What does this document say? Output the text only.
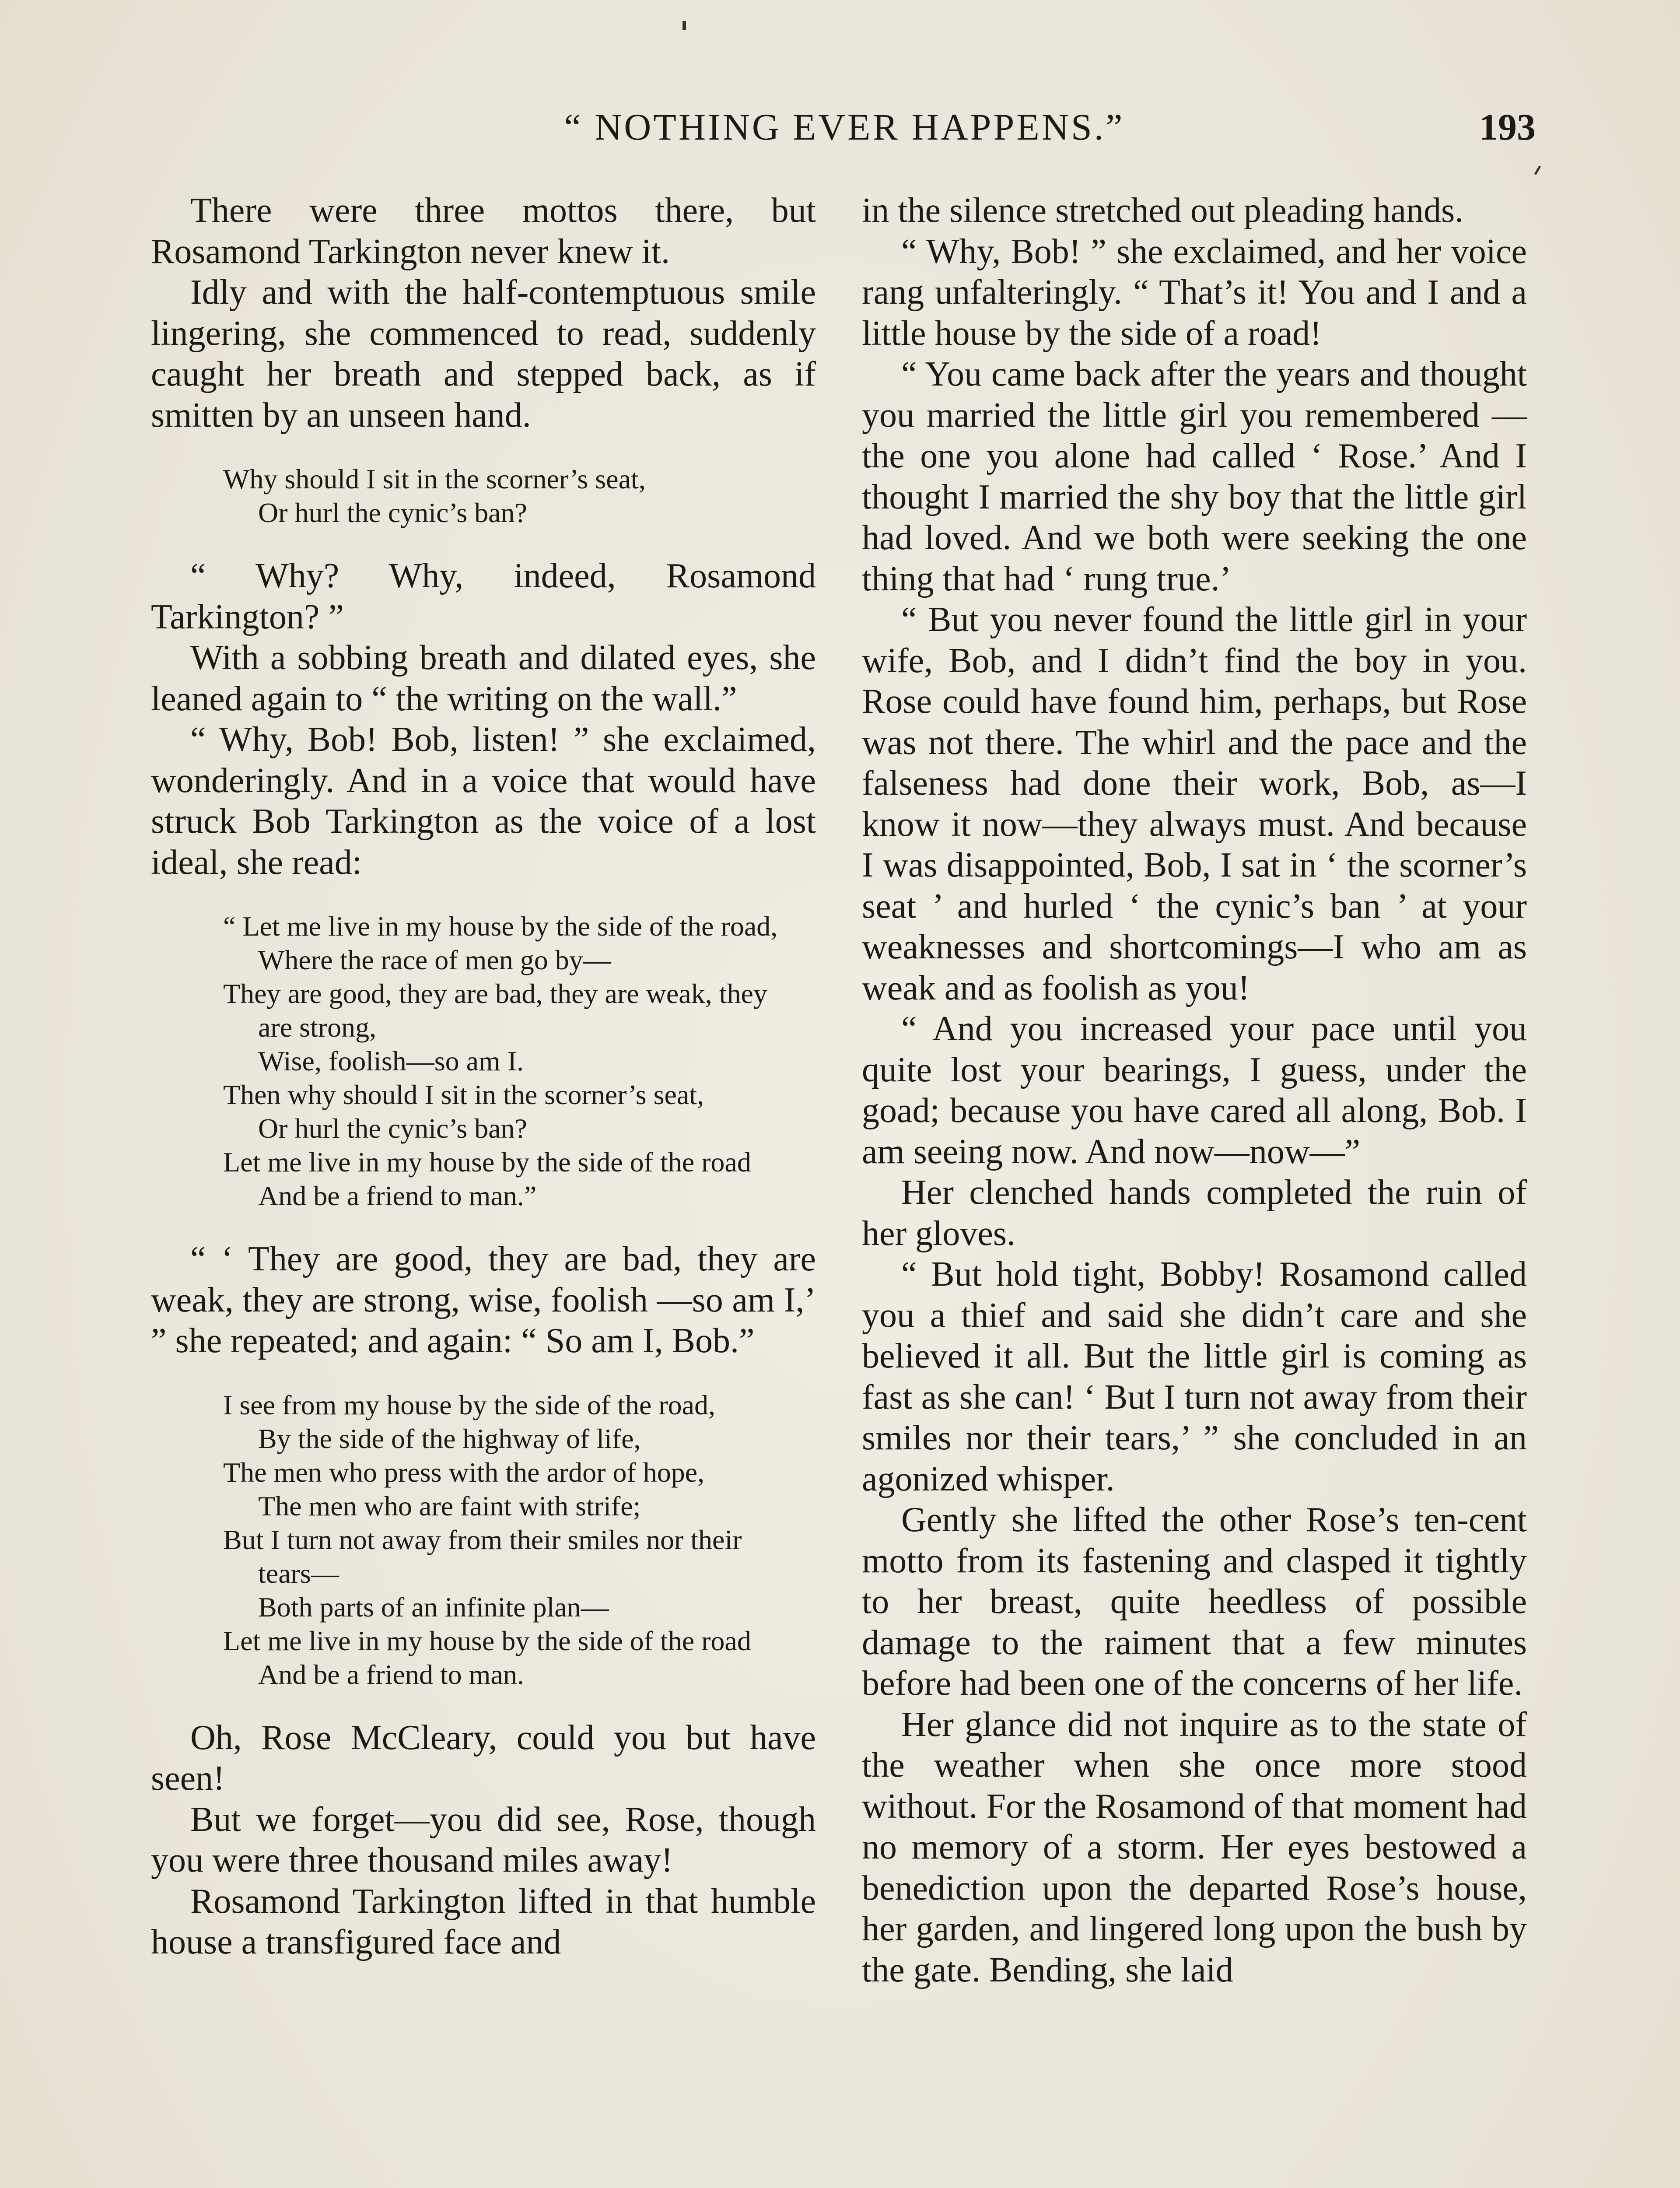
“ NOTHING EVER HAPPENS.”	193

There were three mottos there, but Rosamond Tarkington never knew it.

Idly and with the half-contemptuous smile lingering, she commenced to read, suddenly caught her breath and stepped back, as if smitten by an unseen hand.

Why should I sit in the scorner’s seat,
Or hurl the cynic’s ban?

“ Why? Why, indeed, Rosamond Tarkington? ”

With a sobbing breath and dilated eyes, she leaned again to “ the writing on the wall.”

“ Why, Bob! Bob, listen! ” she exclaimed, wonderingly. And in a voice that would have struck Bob Tarkington as the voice of a lost ideal, she read:

“ Let me live in my house by the side of the road,
Where the race of men go by—
They are good, they are bad, they are weak, they are strong,
Wise, foolish—so am I.
Then why should I sit in the scorner’s seat,
Or hurl the cynic’s ban?
Let me live in my house by the side of the road
And be a friend to man.”

“ ‘ They are good, they are bad, they are weak, they are strong, wise, foolish —so am I,’ ” she repeated; and again: “ So am I, Bob.”

I see from my house by the side of the road,
By the side of the highway of life,
The men who press with the ardor of hope,
The men who are faint with strife;
But I turn not away from their smiles nor their tears—
Both parts of an infinite plan—
Let me live in my house by the side of the road
And be a friend to man.

Oh, Rose McCleary, could you but have seen!

But we forget—you did see, Rose, though you were three thousand miles away!

Rosamond Tarkington lifted in that humble house a transfigured face and

in the silence stretched out pleading hands.

“ Why, Bob! ” she exclaimed, and her voice rang unfalteringly. “ That’s it! You and I and a little house by the side of a road!

“ You came back after the years and thought you married the little girl you remembered — the one you alone had called ‘ Rose.’ And I thought I married the shy boy that the little girl had loved. And we both were seeking the one thing that had ‘ rung true.’

“ But you never found the little girl in your wife, Bob, and I didn’t find the boy in you. Rose could have found him, perhaps, but Rose was not there. The whirl and the pace and the falseness had done their work, Bob, as—I know it now—they always must. And because I was disappointed, Bob, I sat in ‘ the scorner’s seat ’ and hurled ‘ the cynic’s ban ’ at your weaknesses and shortcomings—I who am as weak and as foolish as you!

“ And you increased your pace until you quite lost your bearings, I guess, under the goad; because you have cared all along, Bob. I am seeing now. And now—now—”

Her clenched hands completed the ruin of her gloves.

“ But hold tight, Bobby! Rosamond called you a thief and said she didn’t care and she believed it all. But the little girl is coming as fast as she can! ‘ But I turn not away from their smiles nor their tears,’ ” she concluded in an agonized whisper.

Gently she lifted the other Rose’s ten-cent motto from its fastening and clasped it tightly to her breast, quite heedless of possible damage to the raiment that a few minutes before had been one of the concerns of her life.

Her glance did not inquire as to the state of the weather when she once more stood without. For the Rosamond of that moment had no memory of a storm. Her eyes bestowed a benediction upon the departed Rose’s house, her garden, and lingered long upon the bush by the gate. Bending, she laid
